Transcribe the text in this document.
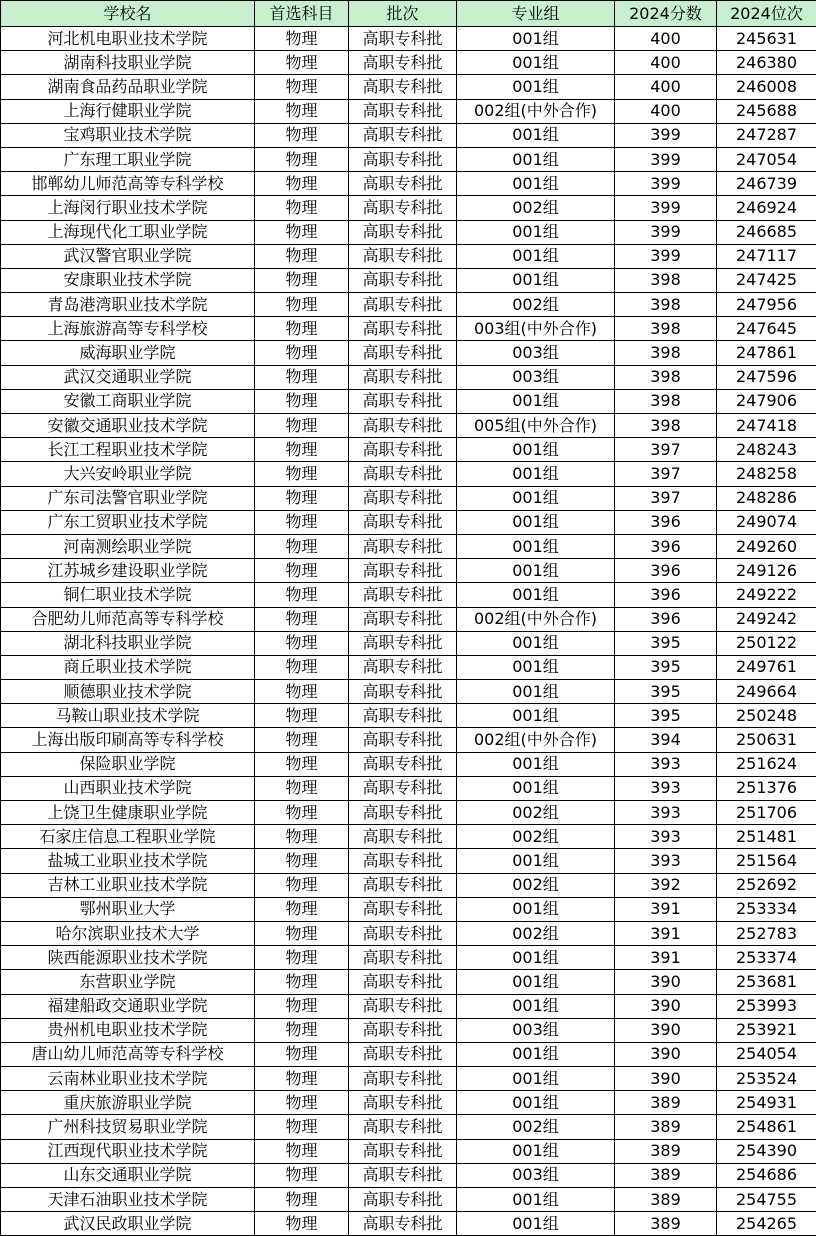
学校名	首选科目	批次	专业组	2024分数	2024位次
河北机电职业技术学院	物理	高职专科批	001组	400	245631
湖南科技职业学院	物理	高职专科批	001组	400	246380
湖南食品药品职业学院	物理	高职专科批	001组	400	246008
上海行健职业学院	物理	高职专科批	002组(中外合作)	400	245688
宝鸡职业技术学院	物理	高职专科批	001组	399	247287
广东理工职业学院	物理	高职专科批	001组	399	247054
邯郸幼儿师范高等专科学校	物理	高职专科批	001组	399	246739
上海闵行职业技术学院	物理	高职专科批	002组	399	246924
上海现代化工职业学院	物理	高职专科批	001组	399	246685
武汉警官职业学院	物理	高职专科批	001组	399	247117
安康职业技术学院	物理	高职专科批	001组	398	247425
青岛港湾职业技术学院	物理	高职专科批	002组	398	247956
上海旅游高等专科学校	物理	高职专科批	003组(中外合作)	398	247645
威海职业学院	物理	高职专科批	003组	398	247861
武汉交通职业学院	物理	高职专科批	003组	398	247596
安徽工商职业学院	物理	高职专科批	001组	398	247906
安徽交通职业技术学院	物理	高职专科批	005组(中外合作)	398	247418
长江工程职业技术学院	物理	高职专科批	001组	397	248243
大兴安岭职业学院	物理	高职专科批	001组	397	248258
广东司法警官职业学院	物理	高职专科批	001组	397	248286
广东工贸职业技术学院	物理	高职专科批	001组	396	249074
河南测绘职业学院	物理	高职专科批	001组	396	249260
江苏城乡建设职业学院	物理	高职专科批	001组	396	249126
铜仁职业技术学院	物理	高职专科批	001组	396	249222
合肥幼儿师范高等专科学校	物理	高职专科批	002组(中外合作)	396	249242
湖北科技职业学院	物理	高职专科批	001组	395	250122
商丘职业技术学院	物理	高职专科批	001组	395	249761
顺德职业技术学院	物理	高职专科批	001组	395	249664
马鞍山职业技术学院	物理	高职专科批	001组	395	250248
上海出版印刷高等专科学校	物理	高职专科批	002组(中外合作)	394	250631
保险职业学院	物理	高职专科批	001组	393	251624
山西职业技术学院	物理	高职专科批	001组	393	251376
上饶卫生健康职业学院	物理	高职专科批	002组	393	251706
石家庄信息工程职业学院	物理	高职专科批	002组	393	251481
盐城工业职业技术学院	物理	高职专科批	001组	393	251564
吉林工业职业技术学院	物理	高职专科批	002组	392	252692
鄂州职业大学	物理	高职专科批	001组	391	253334
哈尔滨职业技术大学	物理	高职专科批	002组	391	252783
陕西能源职业技术学院	物理	高职专科批	001组	391	253374
东营职业学院	物理	高职专科批	001组	390	253681
福建船政交通职业学院	物理	高职专科批	001组	390	253993
贵州机电职业技术学院	物理	高职专科批	003组	390	253921
唐山幼儿师范高等专科学校	物理	高职专科批	001组	390	254054
云南林业职业技术学院	物理	高职专科批	001组	390	253524
重庆旅游职业学院	物理	高职专科批	001组	389	254931
广州科技贸易职业学院	物理	高职专科批	002组	389	254861
江西现代职业技术学院	物理	高职专科批	001组	389	254390
山东交通职业学院	物理	高职专科批	003组	389	254686
天津石油职业技术学院	物理	高职专科批	001组	389	254755
武汉民政职业学院	物理	高职专科批	001组	389	254265
